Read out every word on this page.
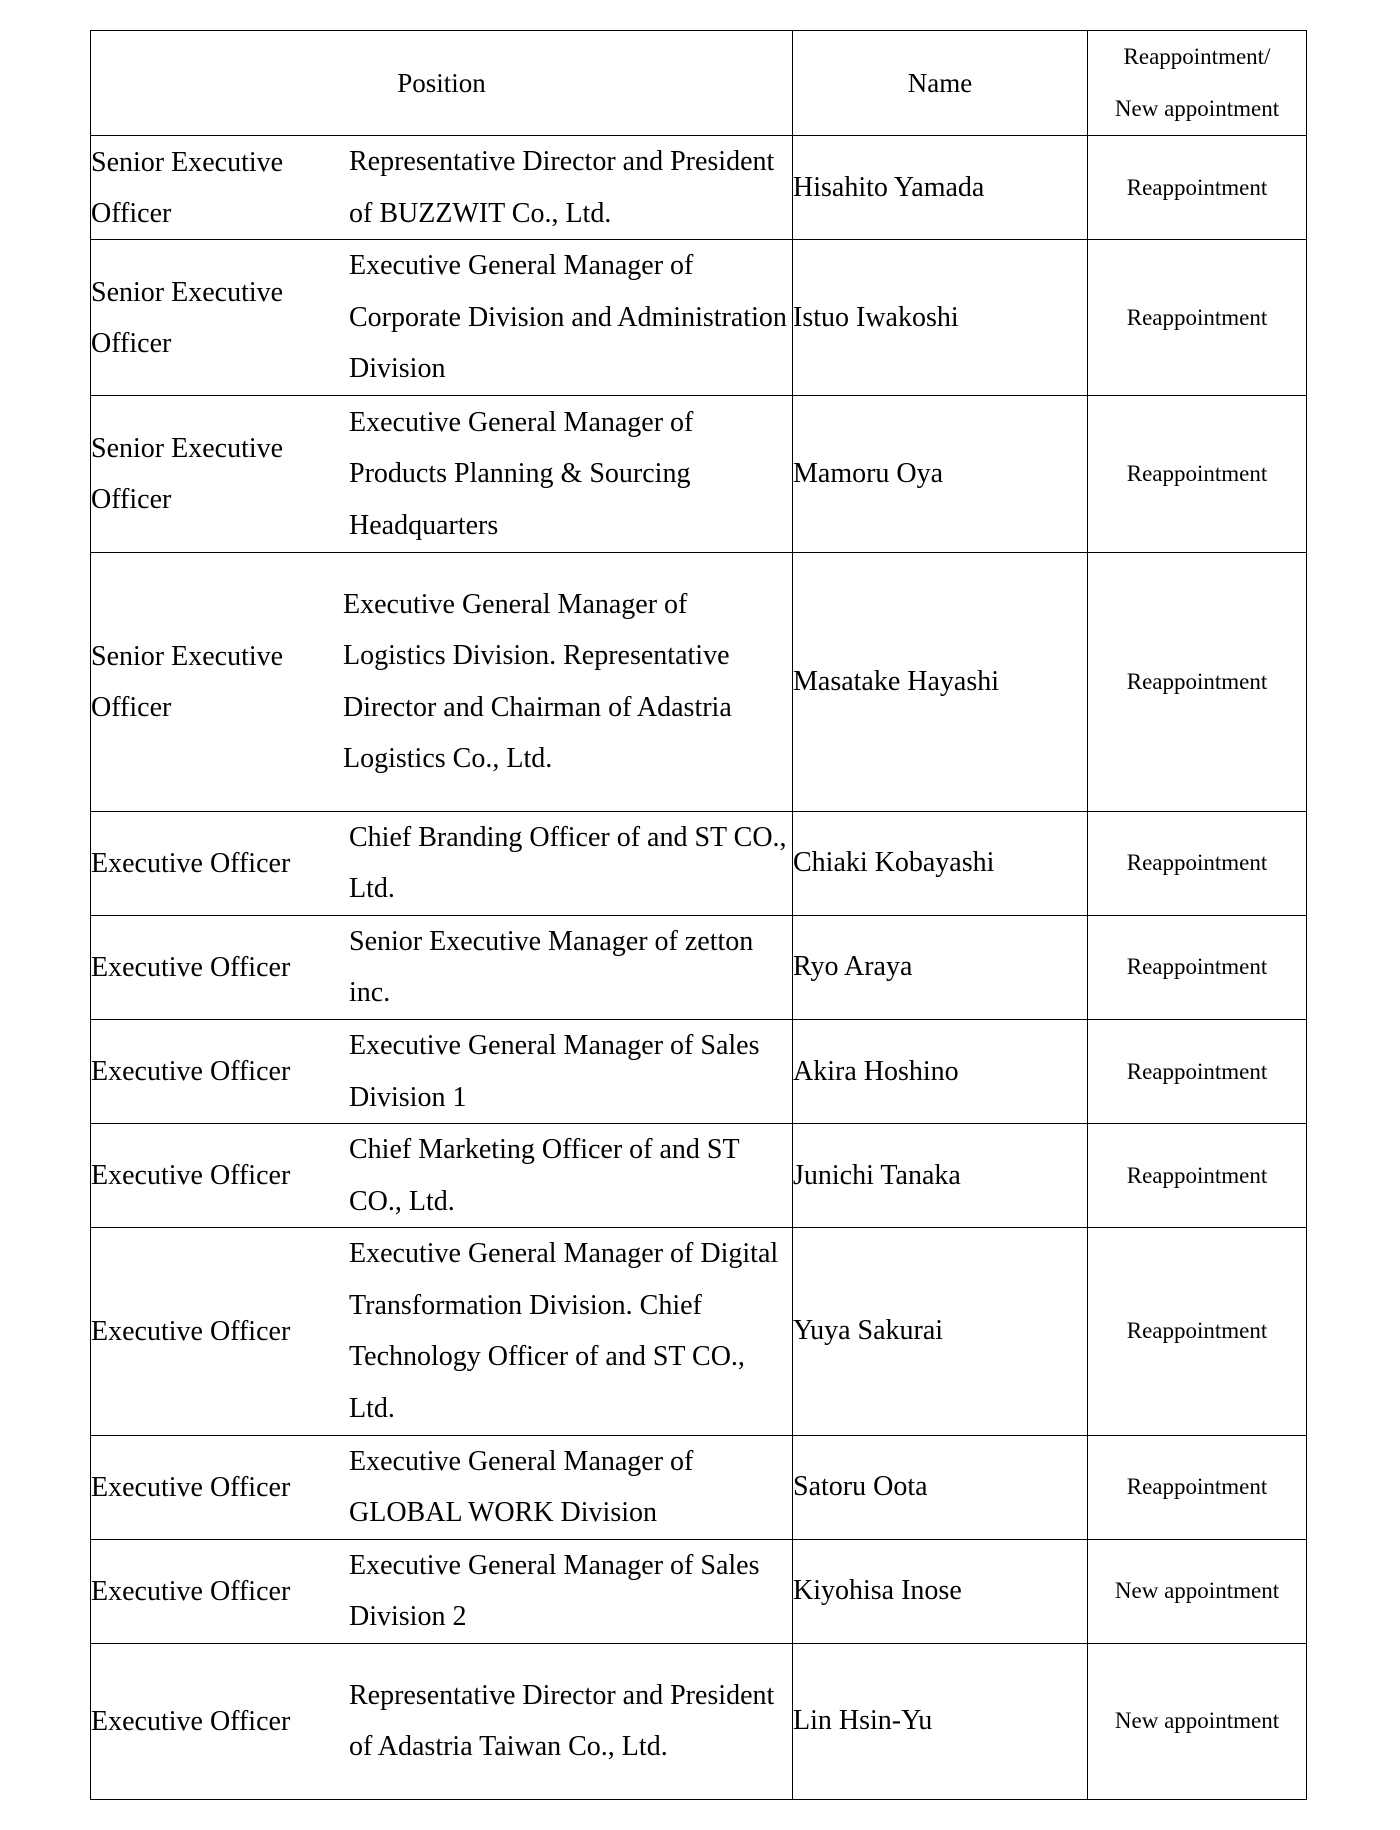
Position	Name	Reappointment/
New appointment

Senior Executive Officer
Representative Director and President of BUZZWIT Co., Ltd.	Hisahito Yamada	Reappointment

Senior Executive Officer
Executive General Manager of Corporate Division and Administration Division	Istuo Iwakoshi	Reappointment

Senior Executive Officer
Executive General Manager of Products Planning & Sourcing Headquarters	Mamoru Oya	Reappointment

Senior Executive Officer
Executive General Manager of Logistics Division. Representative Director and Chairman of Adastria Logistics Co., Ltd.	Masatake Hayashi	Reappointment

Executive Officer
Chief Branding Officer of and ST CO., Ltd.	Chiaki Kobayashi	Reappointment

Executive Officer
Senior Executive Manager of zetton inc.	Ryo Araya	Reappointment

Executive Officer
Executive General Manager of Sales Division 1	Akira Hoshino	Reappointment

Executive Officer
Chief Marketing Officer of and ST CO., Ltd.	Junichi Tanaka	Reappointment

Executive Officer
Executive General Manager of Digital Transformation Division. Chief Technology Officer of and ST CO., Ltd.	Yuya Sakurai	Reappointment

Executive Officer
Executive General Manager of GLOBAL WORK Division	Satoru Oota	Reappointment

Executive Officer
Executive General Manager of Sales Division 2	Kiyohisa Inose	New appointment

Executive Officer
Representative Director and President of Adastria Taiwan Co., Ltd.	Lin Hsin-Yu	New appointment
